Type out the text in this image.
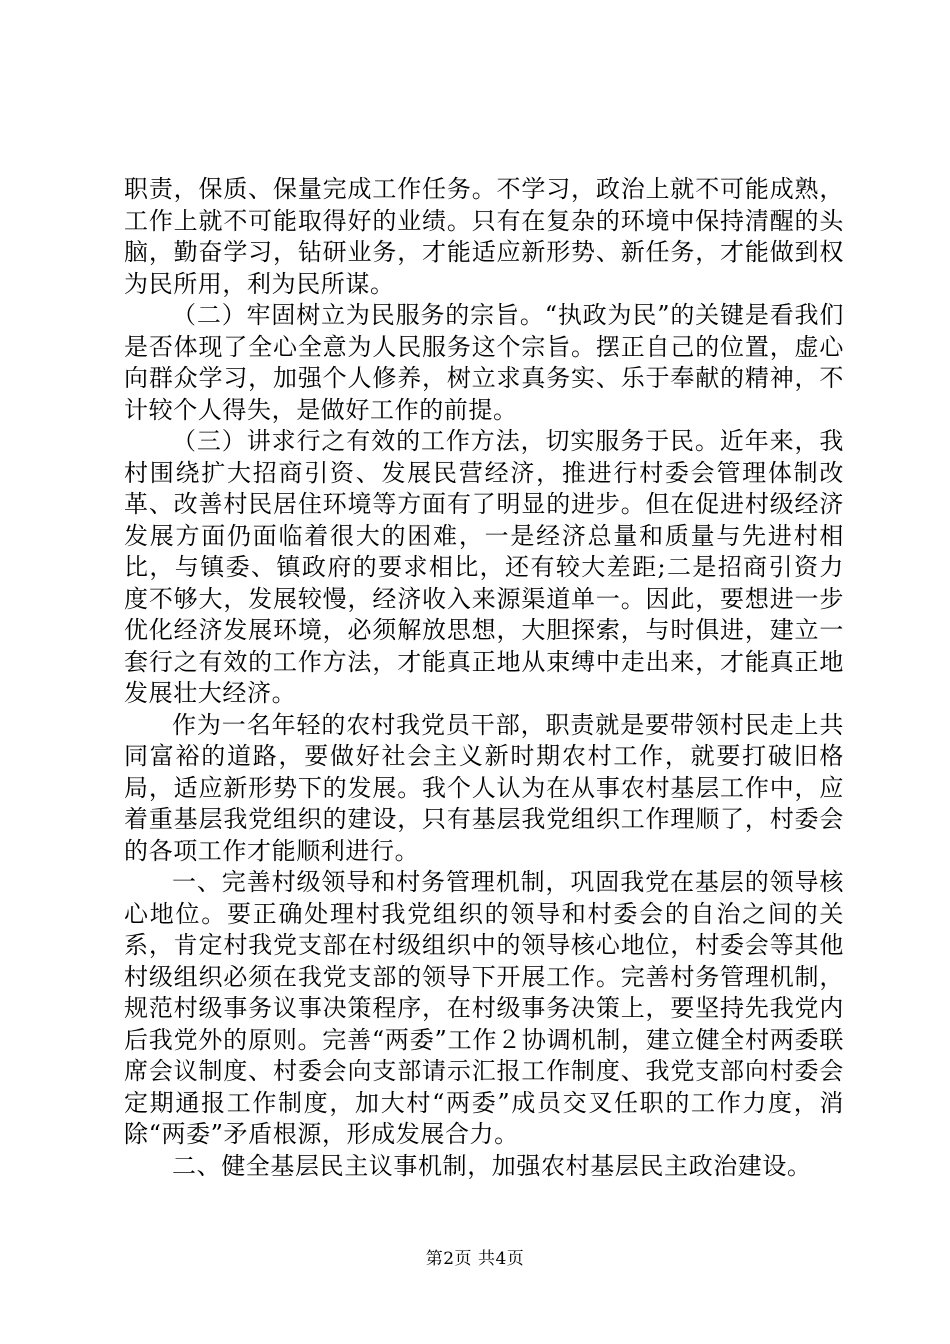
职责，保质、保量完成工作任务。不学习，政治上就不可能成熟，工作上就不可能取得好的业绩。只有在复杂的环境中保持清醒的头脑，勤奋学习，钻研业务，才能适应新形势、新任务，才能做到权为民所用，利为民所谋。

（二）牢固树立为民服务的宗旨。“执政为民”的关键是看我们是否体现了全心全意为人民服务这个宗旨。摆正自己的位置，虚心向群众学习，加强个人修养，树立求真务实、乐于奉献的精神，不计较个人得失，是做好工作的前提。

（三）讲求行之有效的工作方法，切实服务于民。近年来，我村围绕扩大招商引资、发展民营经济，推进行村委会管理体制改革、改善村民居住环境等方面有了明显的进步。但在促进村级经济发展方面仍面临着很大的困难，一是经济总量和质量与先进村相比，与镇委、镇政府的要求相比，还有较大差距;二是招商引资力度不够大，发展较慢，经济收入来源渠道单一。因此，要想进一步优化经济发展环境，必须解放思想，大胆探索，与时俱进，建立一套行之有效的工作方法，才能真正地从束缚中走出来，才能真正地发展壮大经济。

作为一名年轻的农村我党员干部，职责就是要带领村民走上共同富裕的道路，要做好社会主义新时期农村工作，就要打破旧格局，适应新形势下的发展。我个人认为在从事农村基层工作中，应着重基层我党组织的建设，只有基层我党组织工作理顺了，村委会的各项工作才能顺利进行。

一、完善村级领导和村务管理机制，巩固我党在基层的领导核心地位。要正确处理村我党组织的领导和村委会的自治之间的关系，肯定村我党支部在村级组织中的领导核心地位，村委会等其他村级组织必须在我党支部的领导下开展工作。完善村务管理机制，规范村级事务议事决策程序，在村级事务决策上，要坚持先我党内后我党外的原则。完善“两委”工作２协调机制，建立健全村两委联席会议制度、村委会向支部请示汇报工作制度、我党支部向村委会定期通报工作制度，加大村“两委”成员交叉任职的工作力度，消除“两委”矛盾根源，形成发展合力。

二、健全基层民主议事机制，加强农村基层民主政治建设。

第2页 共4页
